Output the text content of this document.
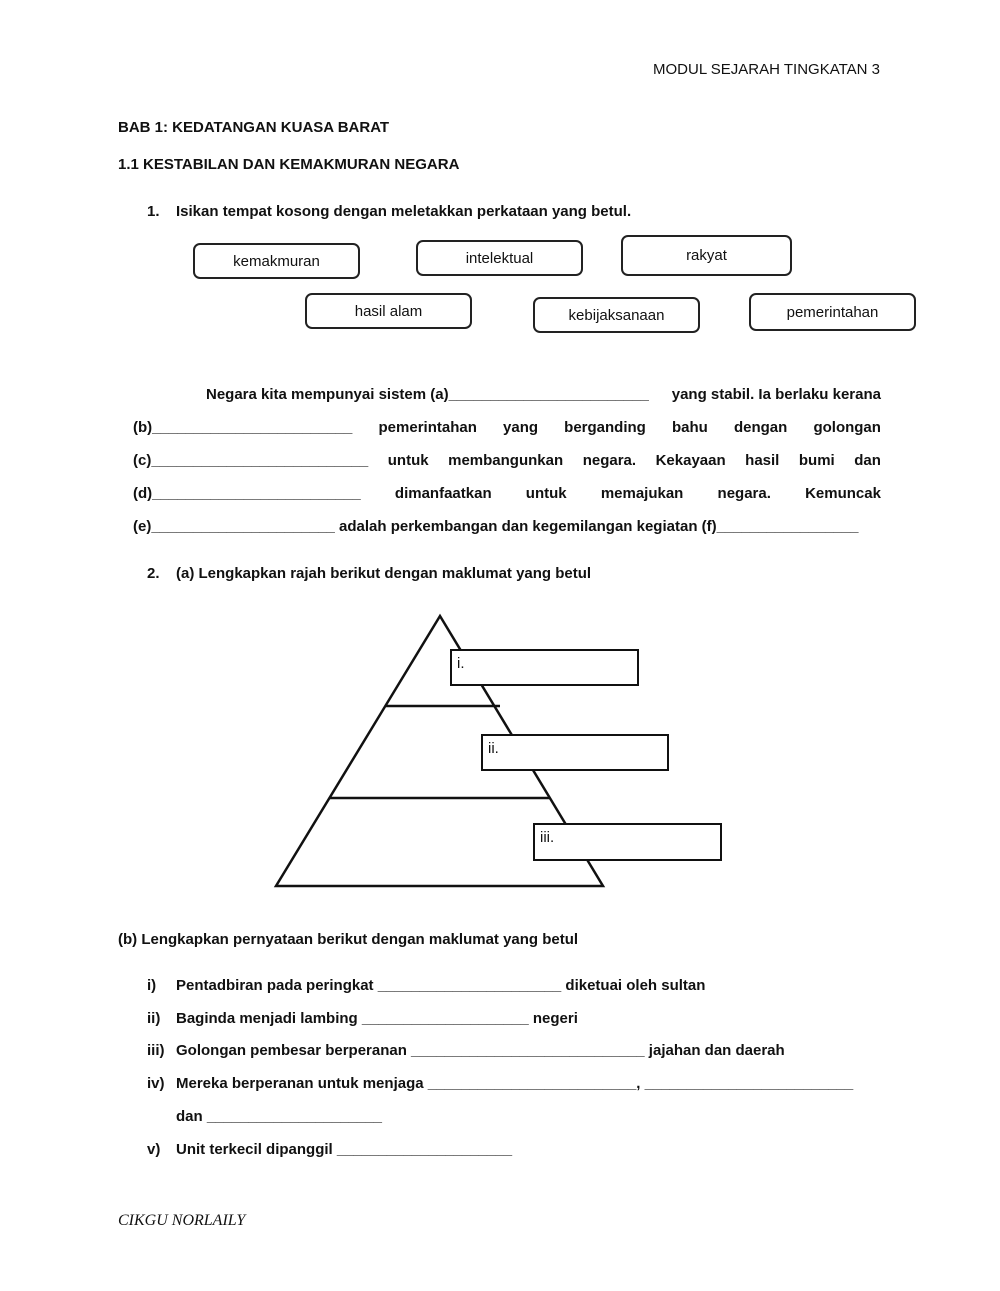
MODUL SEJARAH TINGKATAN 3
BAB 1: KEDATANGAN KUASA BARAT
1.1 KESTABILAN DAN KEMAKMURAN NEGARA
1. Isikan tempat kosong dengan meletakkan perkataan yang betul.
kemakmuran	intelektual	rakyat
hasil alam	kebijaksanaan	pemerintahan
Negara kita mempunyai sistem (a)________________________ yang stabil. Ia berlaku kerana
(b)________________________ pemerintahan yang berganding bahu dengan golongan
(c)__________________________ untuk membangunkan negara. Kekayaan hasil bumi dan
(d)_________________________ dimanfaatkan untuk memajukan negara. Kemuncak
(e)______________________ adalah perkembangan dan kegemilangan kegiatan (f)_________________
2. (a) Lengkapkan rajah berikut dengan maklumat yang betul
i.
ii.
iii.
(b) Lengkapkan pernyataan berikut dengan maklumat yang betul
i) Pentadbiran pada peringkat ______________________ diketuai oleh sultan
ii) Baginda menjadi lambing ____________________ negeri
iii) Golongan pembesar berperanan ____________________________ jajahan dan daerah
iv) Mereka berperanan untuk menjaga _________________________, _________________________
dan _____________________
v) Unit terkecil dipanggil _____________________
CIKGU NORLAILY
